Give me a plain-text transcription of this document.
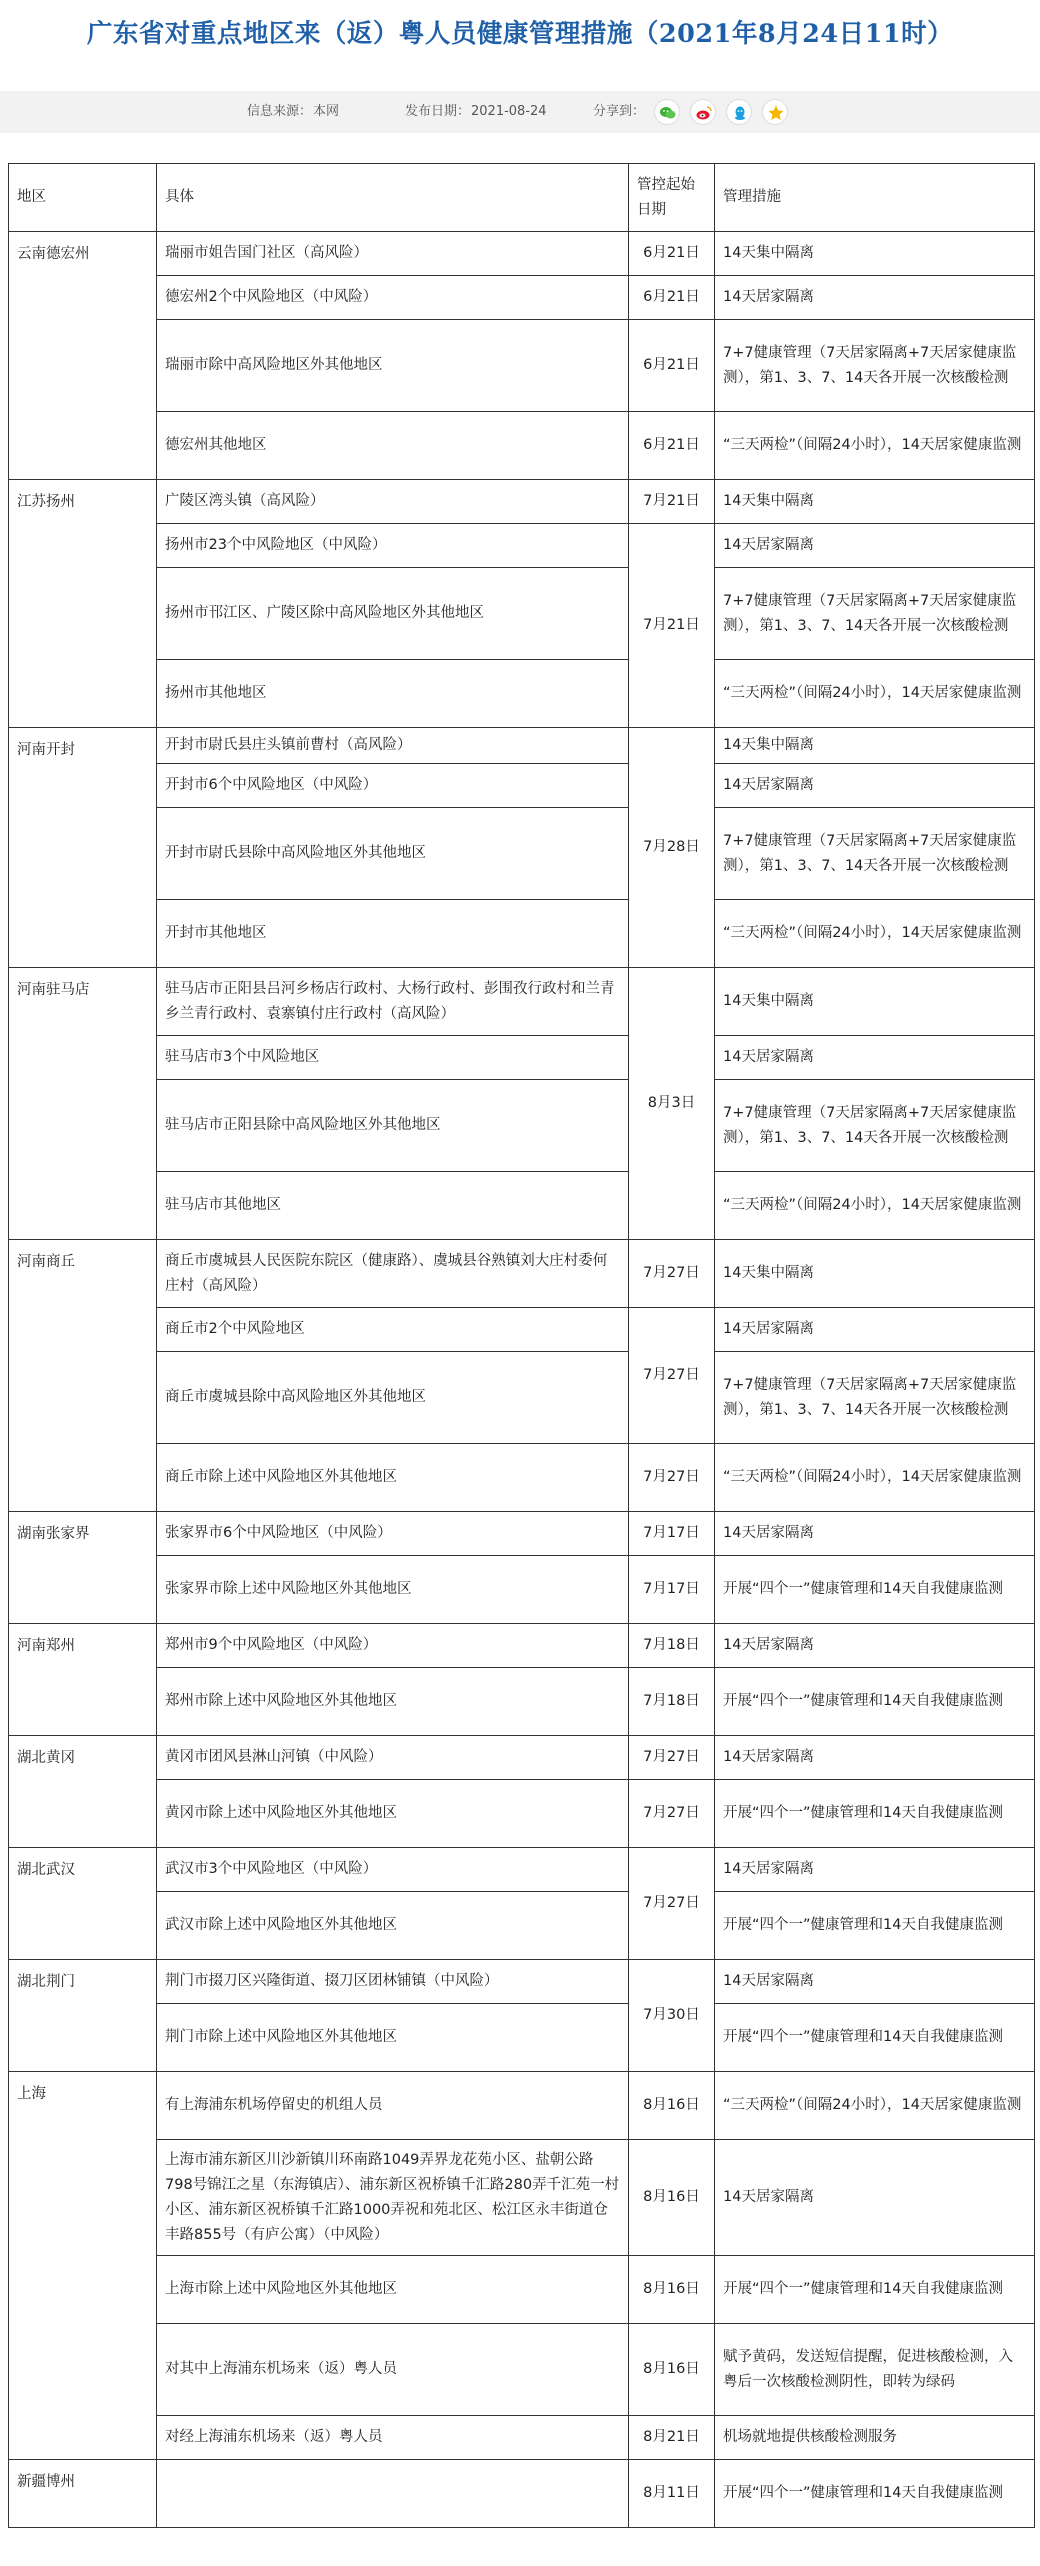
广东省对重点地区来（返）粤人员健康管理措施（2021年8月24日11时）
信息来源： 本网	发布日期： 2021-08-24	分享到：
地区	具体	管控起始日期	管理措施
云南德宏州	瑞丽市姐告国门社区（高风险）	6月21日	14天集中隔离
	德宏州2个中风险地区（中风险）	6月21日	14天居家隔离
	瑞丽市除中高风险地区外其他地区	6月21日	7+7健康管理（7天居家隔离+7天居家健康监测），第1、3、7、14天各开展一次核酸检测
	德宏州其他地区	6月21日	“三天两检”（间隔24小时），14天居家健康监测
江苏扬州	广陵区湾头镇（高风险）	7月21日	14天集中隔离
	扬州市23个中风险地区（中风险）	7月21日	14天居家隔离
	扬州市邗江区、广陵区除中高风险地区外其他地区		7+7健康管理（7天居家隔离+7天居家健康监测），第1、3、7、14天各开展一次核酸检测
	扬州市其他地区		“三天两检”（间隔24小时），14天居家健康监测
河南开封	开封市尉氏县庄头镇前曹村（高风险）	7月28日	14天集中隔离
	开封市6个中风险地区（中风险）		14天居家隔离
	开封市尉氏县除中高风险地区外其他地区		7+7健康管理（7天居家隔离+7天居家健康监测），第1、3、7、14天各开展一次核酸检测
	开封市其他地区		“三天两检”（间隔24小时），14天居家健康监测
河南驻马店	驻马店市正阳县吕河乡杨店行政村、大杨行政村、彭围孜行政村和兰青乡兰青行政村、袁寨镇付庄行政村（高风险）	8月3日	14天集中隔离
	驻马店市3个中风险地区		14天居家隔离
	驻马店市正阳县除中高风险地区外其他地区		7+7健康管理（7天居家隔离+7天居家健康监测），第1、3、7、14天各开展一次核酸检测
	驻马店市其他地区		“三天两检”（间隔24小时），14天居家健康监测
河南商丘	商丘市虞城县人民医院东院区（健康路）、虞城县谷熟镇刘大庄村委何庄村（高风险）	7月27日	14天集中隔离
	商丘市2个中风险地区	7月27日	14天居家隔离
	商丘市虞城县除中高风险地区外其他地区		7+7健康管理（7天居家隔离+7天居家健康监测），第1、3、7、14天各开展一次核酸检测
	商丘市除上述中风险地区外其他地区	7月27日	“三天两检”（间隔24小时），14天居家健康监测
湖南张家界	张家界市6个中风险地区（中风险）	7月17日	14天居家隔离
	张家界市除上述中风险地区外其他地区	7月17日	开展“四个一”健康管理和14天自我健康监测
河南郑州	郑州市9个中风险地区（中风险）	7月18日	14天居家隔离
	郑州市除上述中风险地区外其他地区	7月18日	开展“四个一”健康管理和14天自我健康监测
湖北黄冈	黄冈市团风县淋山河镇（中风险）	7月27日	14天居家隔离
	黄冈市除上述中风险地区外其他地区	7月27日	开展“四个一”健康管理和14天自我健康监测
湖北武汉	武汉市3个中风险地区（中风险）	7月27日	14天居家隔离
	武汉市除上述中风险地区外其他地区		开展“四个一”健康管理和14天自我健康监测
湖北荆门	荆门市掇刀区兴隆街道、掇刀区团林铺镇（中风险）	7月30日	14天居家隔离
	荆门市除上述中风险地区外其他地区		开展“四个一”健康管理和14天自我健康监测
上海	有上海浦东机场停留史的机组人员	8月16日	“三天两检”（间隔24小时），14天居家健康监测
	上海市浦东新区川沙新镇川环南路1049弄界龙花苑小区、盐朝公路798号锦江之星（东海镇店）、浦东新区祝桥镇千汇路280弄千汇苑一村小区、浦东新区祝桥镇千汇路1000弄祝和苑北区、松江区永丰街道仓丰路855号（有庐公寓）（中风险）	8月16日	14天居家隔离
	上海市除上述中风险地区外其他地区	8月16日	开展“四个一”健康管理和14天自我健康监测
	对其中上海浦东机场来（返）粤人员	8月16日	赋予黄码，发送短信提醒，促进核酸检测，入粤后一次核酸检测阴性，即转为绿码
	对经上海浦东机场来（返）粤人员	8月21日	机场就地提供核酸检测服务
新疆博州		8月11日	开展“四个一”健康管理和14天自我健康监测
